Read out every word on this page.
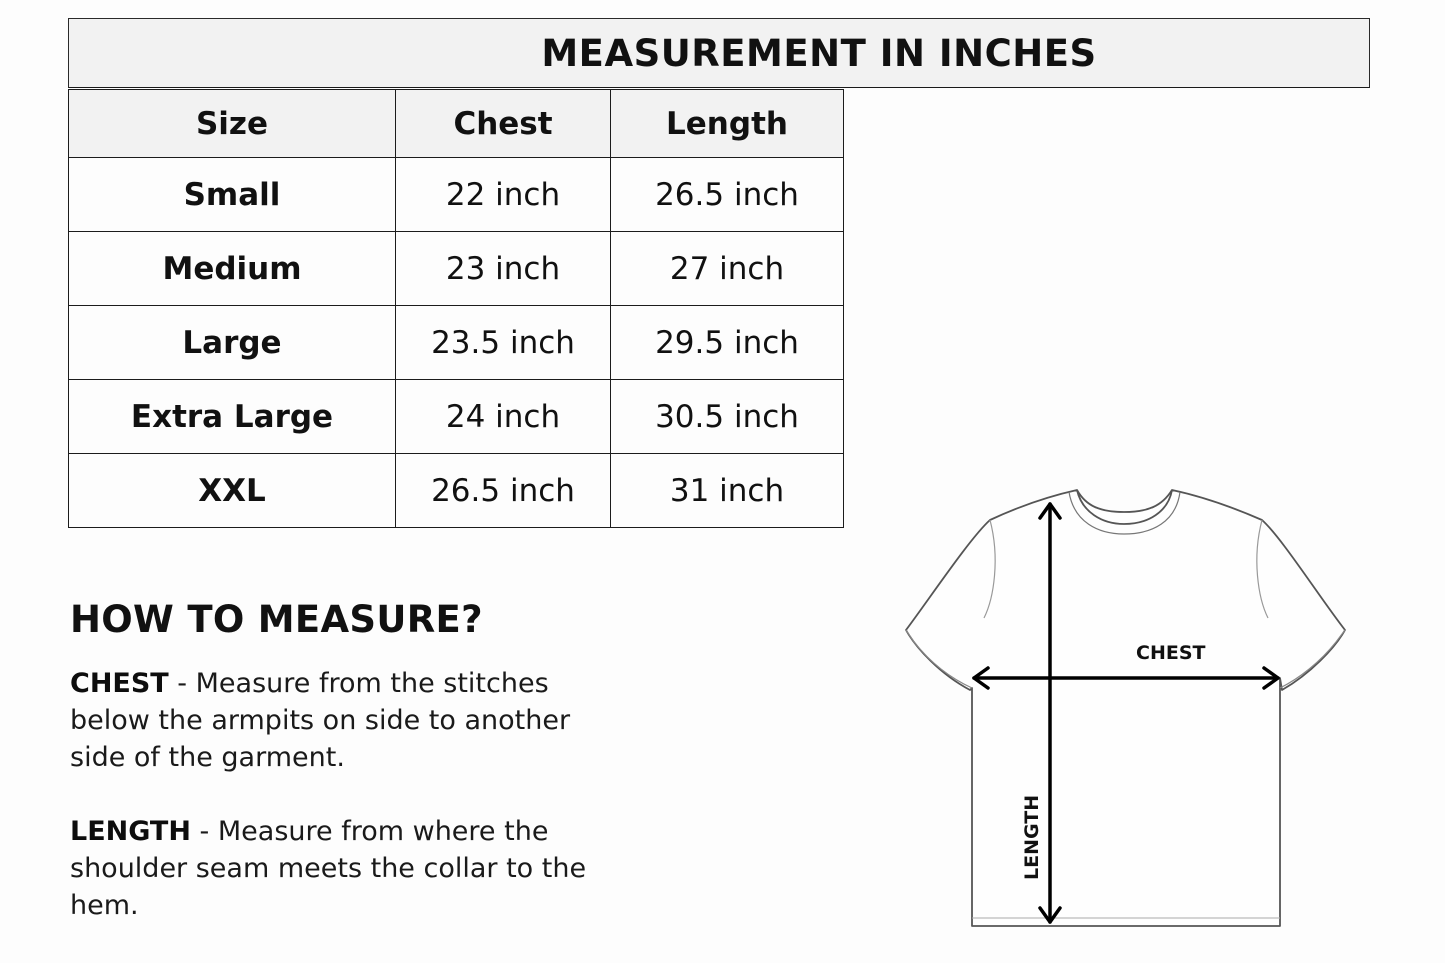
MEASUREMENT IN INCHES
Size	Chest	Length
Small	22 inch	26.5 inch
Medium	23 inch	27 inch
Large	23.5 inch	29.5 inch
Extra Large	24 inch	30.5 inch
XXL	26.5 inch	31 inch
HOW TO MEASURE?

CHEST - Measure from the stitches below the armpits on side to another side of the garment.

LENGTH - Measure from where the shoulder seam meets the collar to the hem.

CHEST
LENGTH
